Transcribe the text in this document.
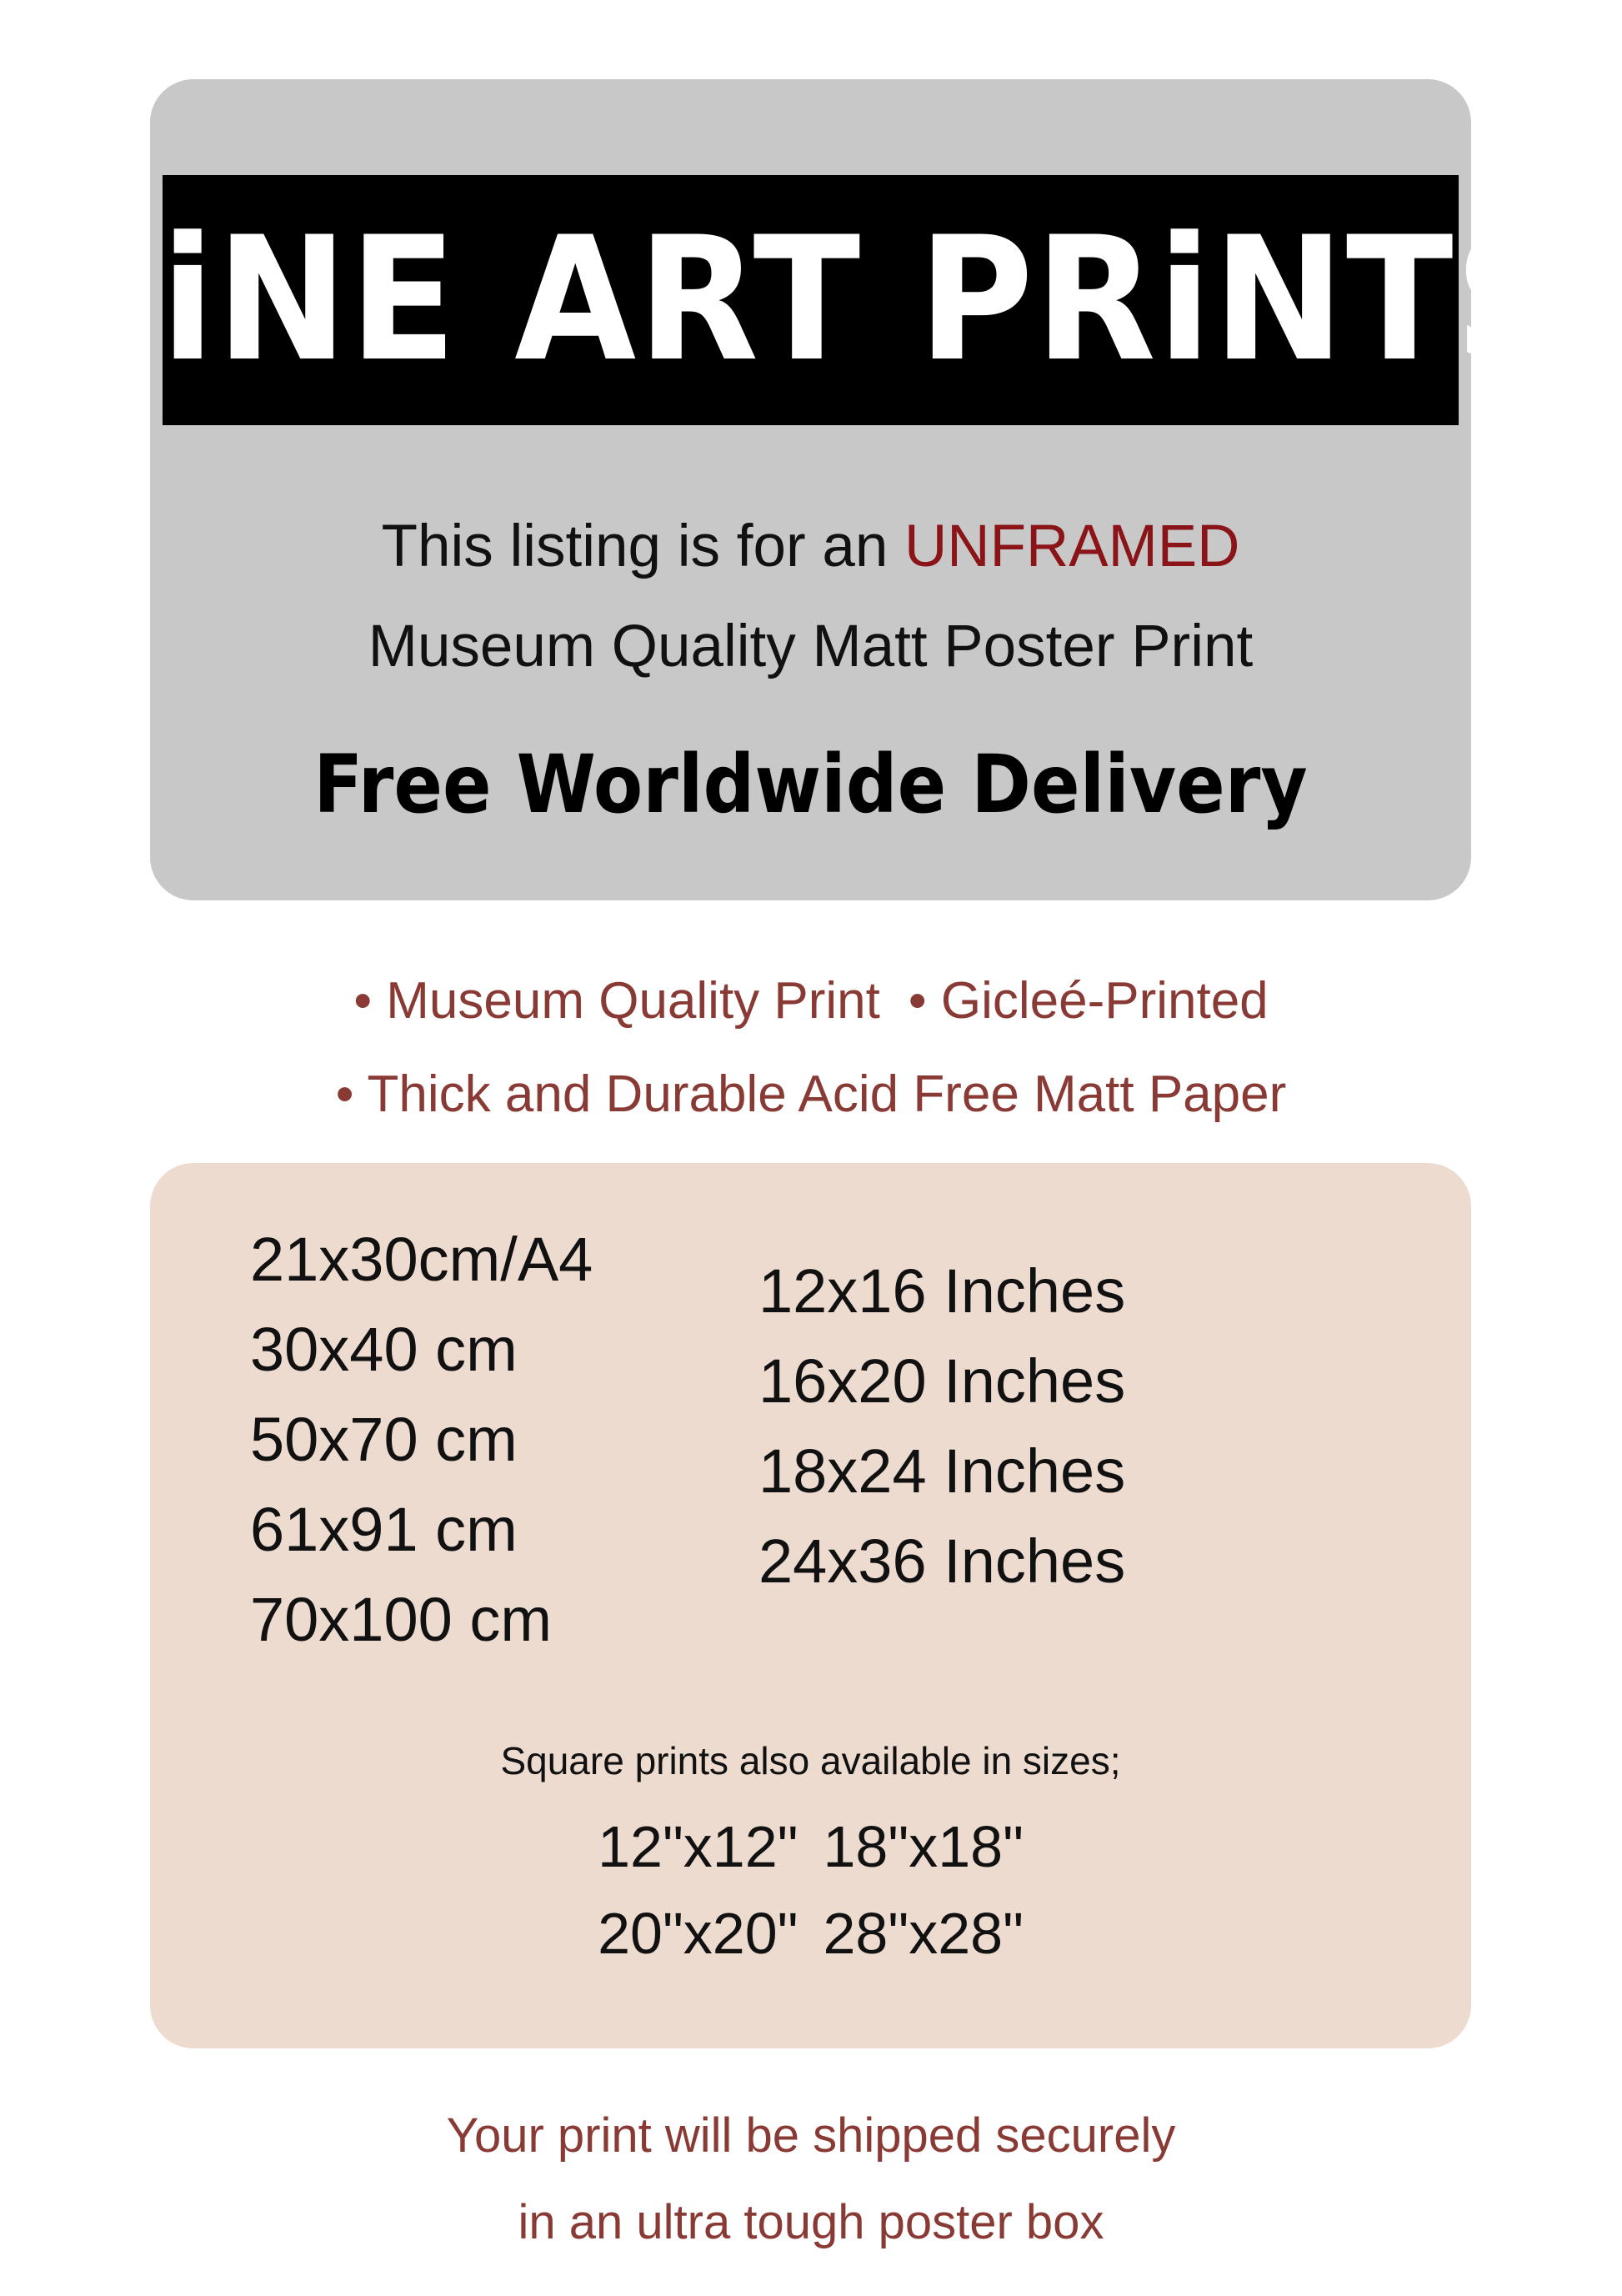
FiNE ART PRiNTS
This listing is for an UNFRAMED
Museum Quality Matt Poster Print
Free Worldwide Delivery
• Museum Quality Print • Gicleé-Printed
• Thick and Durable Acid Free Matt Paper
21x30cm/A4
30x40 cm
50x70 cm
61x91 cm
70x100 cm
12x16 Inches
16x20 Inches
18x24 Inches
24x36 Inches
Square prints also available in sizes;
12"x12" 18"x18"
20"x20" 28"x28"
Your print will be shipped securely
in an ultra tough poster box
